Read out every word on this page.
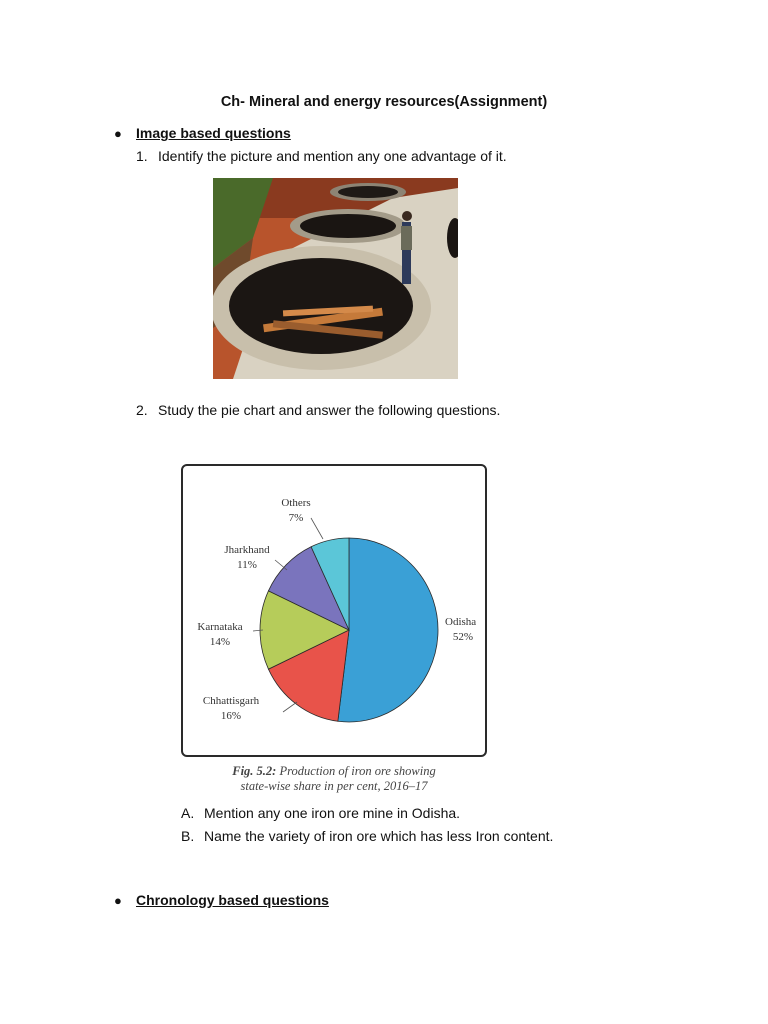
Ch- Mineral and energy resources(Assignment)
● Image based questions
1. Identify the picture and mention any one advantage of it.
2. Study the pie chart and answer the following questions.
Odisha
52%
Chhattisgarh
16%
Karnataka
14%
Jharkhand
11%
Others
7%
Fig. 5.2: Production of iron ore showing
state-wise share in per cent, 2016–17
A. Mention any one iron ore mine in Odisha.
B. Name the variety of iron ore which has less Iron content.
● Chronology based questions
